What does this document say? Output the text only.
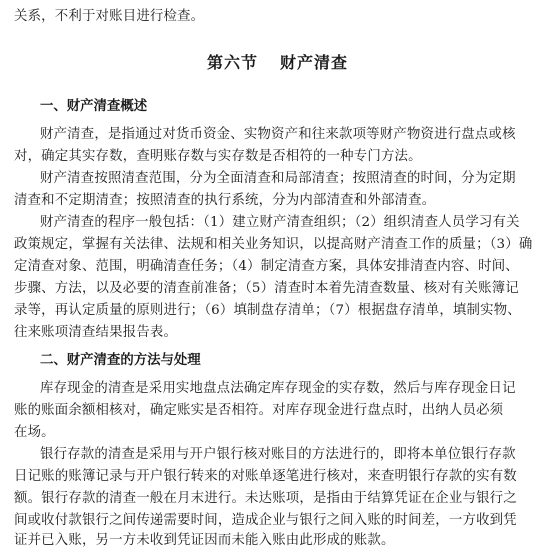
关系，不利于对账目进行检查。
第六节 财产清查
一、财产清查概述
财产清查，是指通过对货币资金、实物资产和往来款项等财产物资进行盘点或核
对，确定其实存数，查明账存数与实存数是否相符的一种专门方法。
财产清查按照清查范围，分为全面清查和局部清查；按照清查的时间，分为定期
清查和不定期清查；按照清查的执行系统，分为内部清查和外部清查。
财产清查的程序一般包括：（1）建立财产清查组织；（2）组织清查人员学习有关
政策规定，掌握有关法律、法规和相关业务知识，以提高财产清查工作的质量；（3）确
定清查对象、范围，明确清查任务；（4）制定清查方案，具体安排清查内容、时间、
步骤、方法，以及必要的清查前准备；（5）清查时本着先清查数量、核对有关账簿记
录等，再认定质量的原则进行；（6）填制盘存清单；（7）根据盘存清单，填制实物、
往来账项清查结果报告表。
二、财产清查的方法与处理
库存现金的清查是采用实地盘点法确定库存现金的实存数，然后与库存现金日记
账的账面余额相核对，确定账实是否相符。对库存现金进行盘点时，出纳人员必须
在场。
银行存款的清查是采用与开户银行核对账目的方法进行的，即将本单位银行存款
日记账的账簿记录与开户银行转来的对账单逐笔进行核对，来查明银行存款的实有数
额。银行存款的清查一般在月末进行。未达账项，是指由于结算凭证在企业与银行之
间或收付款银行之间传递需要时间，造成企业与银行之间入账的时间差，一方收到凭
证并已入账，另一方未收到凭证因而未能入账由此形成的账款。
